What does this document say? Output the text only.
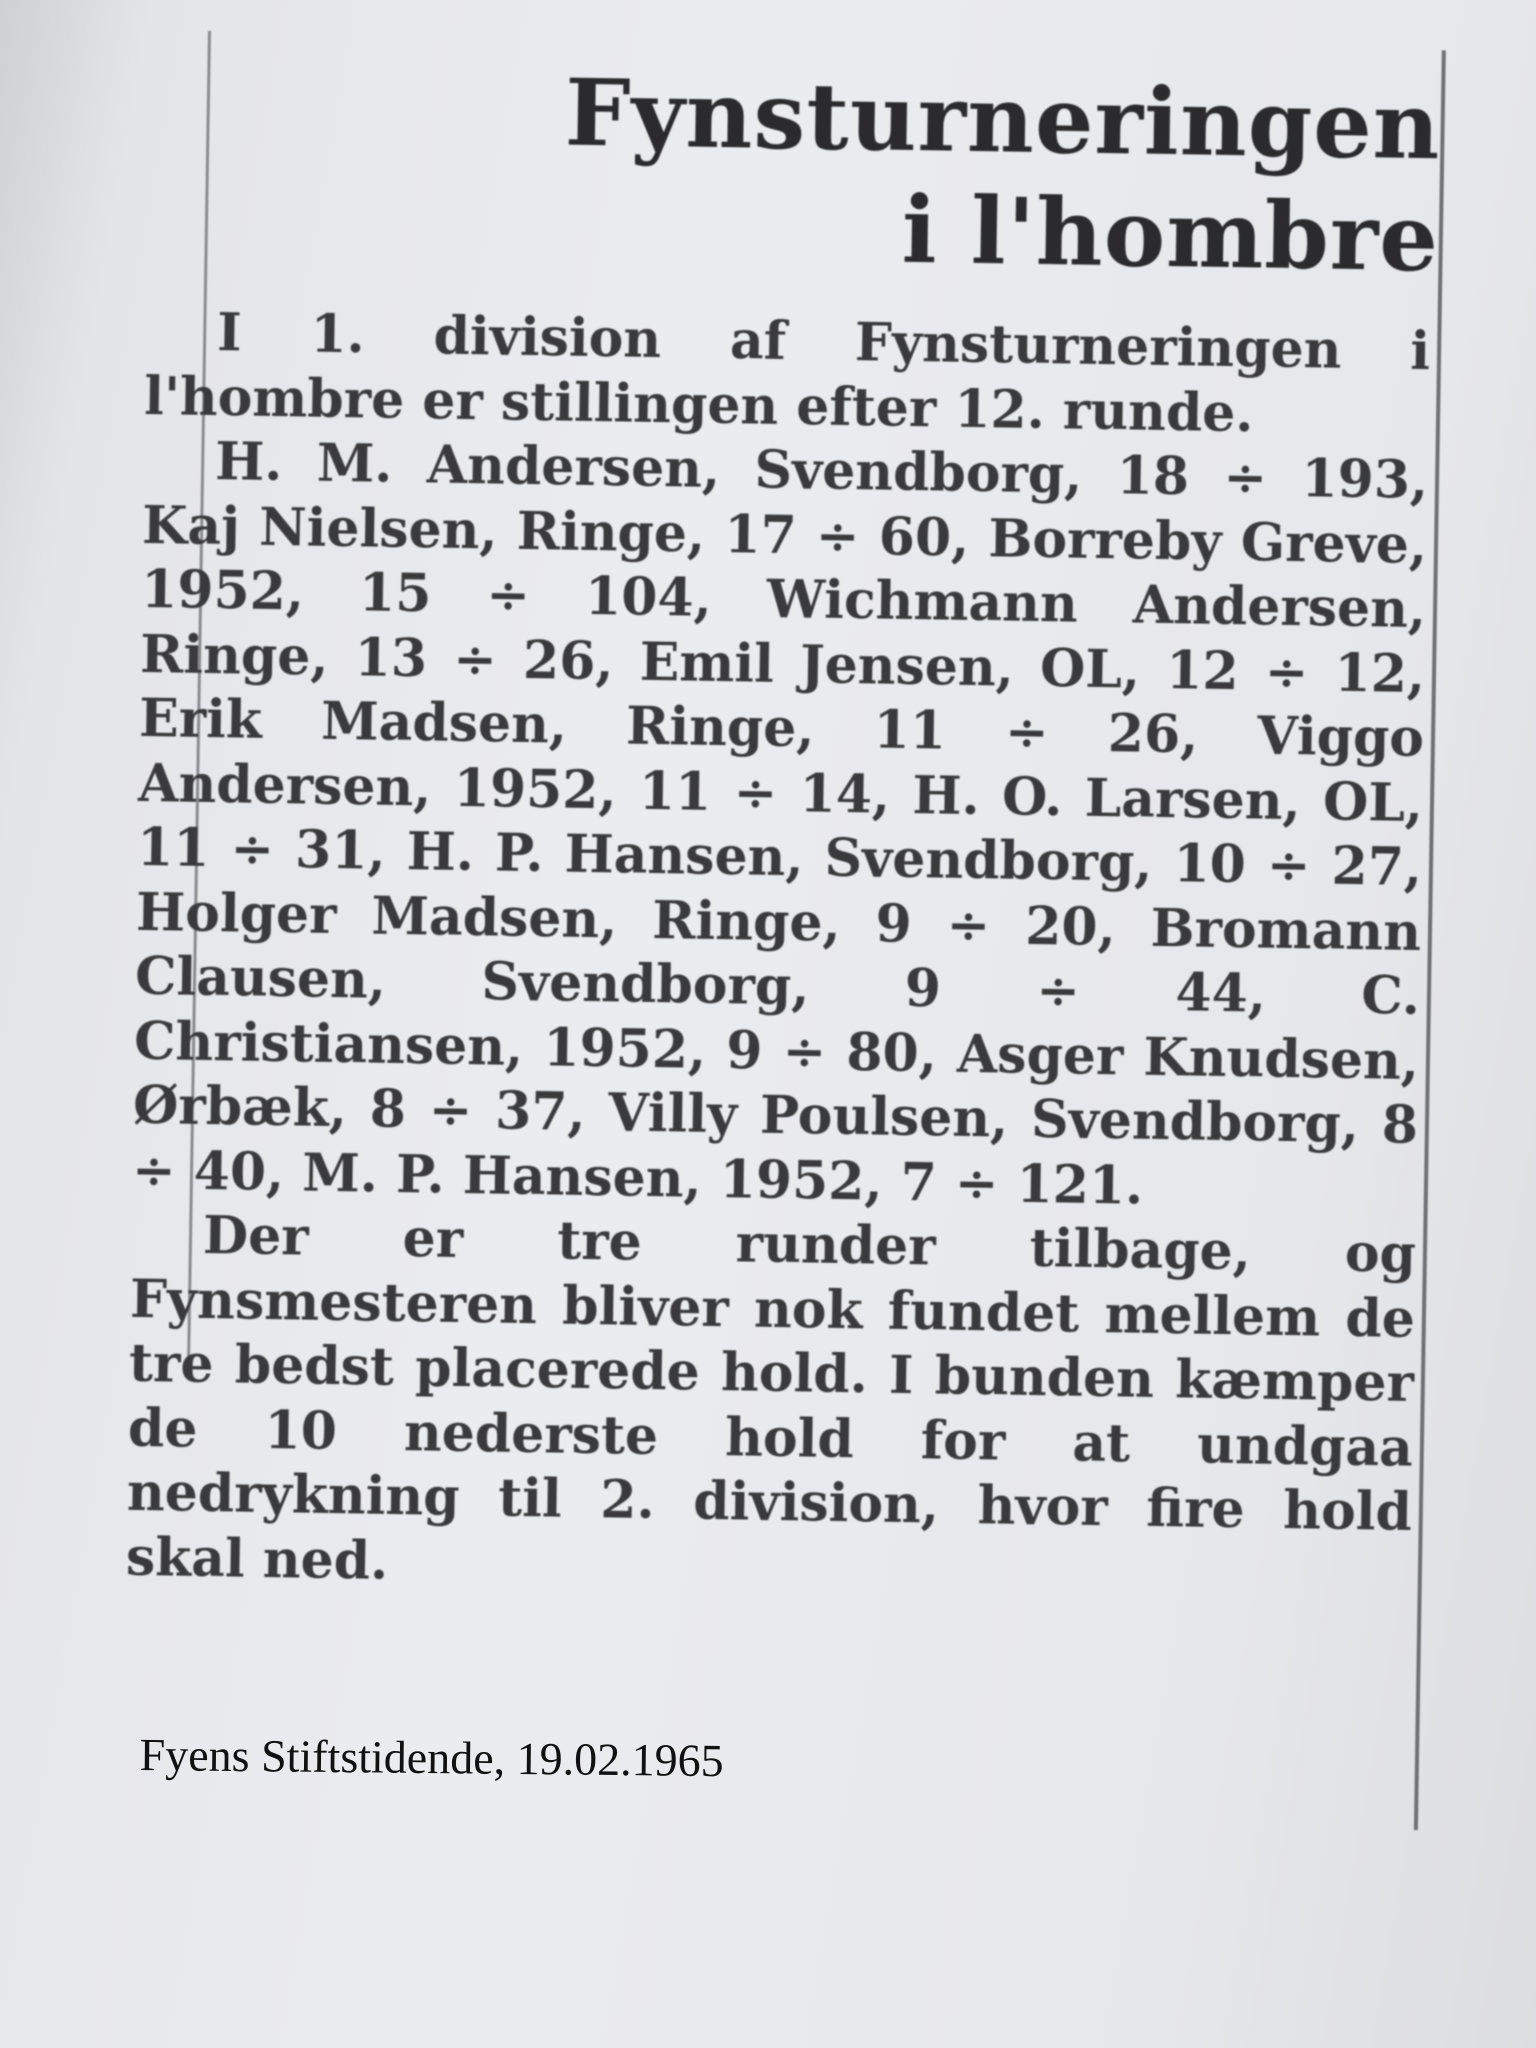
Fynsturneringen
i l'hombre

I 1. division af Fynsturneringen i l'hombre er stillingen efter 12. runde.

H. M. Andersen, Svendborg, 18 ÷ 193, Kaj Nielsen, Ringe, 17 ÷ 60, Borreby Greve, 1952, 15 ÷ 104, Wichmann Andersen, Ringe, 13 ÷ 26, Emil Jensen, OL, 12 ÷ 12, Erik Madsen, Ringe, 11 ÷ 26, Viggo Andersen, 1952, 11 ÷ 14, H. O. Larsen, OL, 11 ÷ 31, H. P. Hansen, Svendborg, 10 ÷ 27, Holger Madsen, Ringe, 9 ÷ 20, Bromann Clausen, Svendborg, 9 ÷ 44, C. Christiansen, 1952, 9 ÷ 80, Asger Knudsen, Ørbæk, 8 ÷ 37, Villy Poulsen, Svendborg, 8 ÷ 40, M. P. Hansen, 1952, 7 ÷ 121.

Der er tre runder tilbage, og Fynsmesteren bliver nok fundet mellem de tre bedst placerede hold. I bunden kæmper de 10 nederste hold for at undgaa nedrykning til 2. division, hvor fire hold skal ned.

Fyens Stiftstidende, 19.02.1965
